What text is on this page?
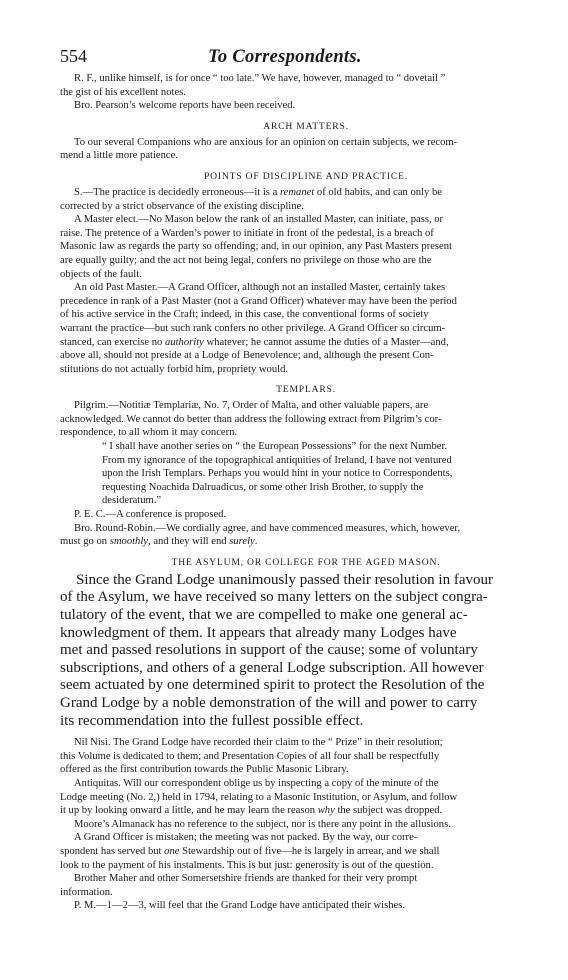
554	To Correspondents.

R. F., unlike himself, is for once “ too late.” We have, however, managed to “ dovetail ”
the gist of his excellent notes.

Bro. Pearson’s welcome reports have been received.

ARCH MATTERS.

To our several Companions who are anxious for an opinion on certain subjects, we recom-
mend a little more patience.

POINTS OF DISCIPLINE AND PRACTICE.

S.—The practice is decidedly erroneous—it is a remanet of old habits, and can only be
corrected by a strict observance of the existing discipline.

A Master elect.—No Mason below the rank of an installed Master, can initiate, pass, or
raise. The pretence of a Warden’s power to initiate in front of the pedestal, is a breach of
Masonic law as regards the party so offending; and, in our opinion, any Past Masters present
are equally guilty; and the act not being legal, confers no privilege on those who are the
objects of the fault.

An old Past Master.—A Grand Officer, although not an installed Master, certainly takes
precedence in rank of a Past Master (not a Grand Officer) whatever may have been the period
of his active service in the Craft; indeed, in this case, the conventional forms of society
warrant the practice—but such rank confers no other privilege. A Grand Officer so circum-
stanced, can exercise no authority whatever; he cannot assume the duties of a Master—and,
above all, should not preside at a Lodge of Benevolence; and, although the present Con-
stitutions do not actually forbid him, propriety would.

TEMPLARS.

Pilgrim.—Notitiæ Templariæ, No. 7, Order of Malta, and other valuable papers, are
acknowledged. We cannot do better than address the following extract from Pilgrim’s cor-
respondence, to all whom it may concern.

“ I shall have another series on “ the European Possessions” for the next Number.
From my ignorance of the topographical antiquities of Ireland, I have not ventured
upon the Irish Templars. Perhaps you would hint in your notice to Correspondents,
requesting Noachida Dalruadicus, or some other Irish Brother, to supply the
desideratum.”

P. E. C.—A conference is proposed.

Bro. Round-Robin.—We cordially agree, and have commenced measures, which, however,
must go on smoothly, and they will end surely.

THE ASYLUM, OR COLLEGE FOR THE AGED MASON.

Since the Grand Lodge unanimously passed their resolution in favour
of the Asylum, we have received so many letters on the subject congra-
tulatory of the event, that we are compelled to make one general ac-
knowledgment of them. It appears that already many Lodges have
met and passed resolutions in support of the cause; some of voluntary
subscriptions, and others of a general Lodge subscription. All however
seem actuated by one determined spirit to protect the Resolution of the
Grand Lodge by a noble demonstration of the will and power to carry
its recommendation into the fullest possible effect.

Nil Nisi. The Grand Lodge have recorded their claim to the “ Prize” in their resolution;
this Volume is dedicated to them; and Presentation Copies of all four shall be respectfully
offered as the first contribution towards the Public Masonic Library.

Antiquitas. Will our correspondent oblige us by inspecting a copy of the minute of the
Lodge meeting (No. 2,) held in 1794, relating to a Masonic Institution, or Asylum, and follow
it up by looking onward a little, and he may learn the reason why the subject was dropped.

Moore’s Almanack has no reference to the subject, nor is there any point in the allusions.

A Grand Officer is mistaken; the meeting was not packed. By the way, our corre-
spondent has served but one Stewardship out of five—he is largely in arrear, and we shall
look to the payment of his instalments. This is but just: generosity is out of the question.

Brother Maher and other Somersetshire friends are thanked for their very prompt
information.

P. M.—1—2—3, will feel that the Grand Lodge have anticipated their wishes.
